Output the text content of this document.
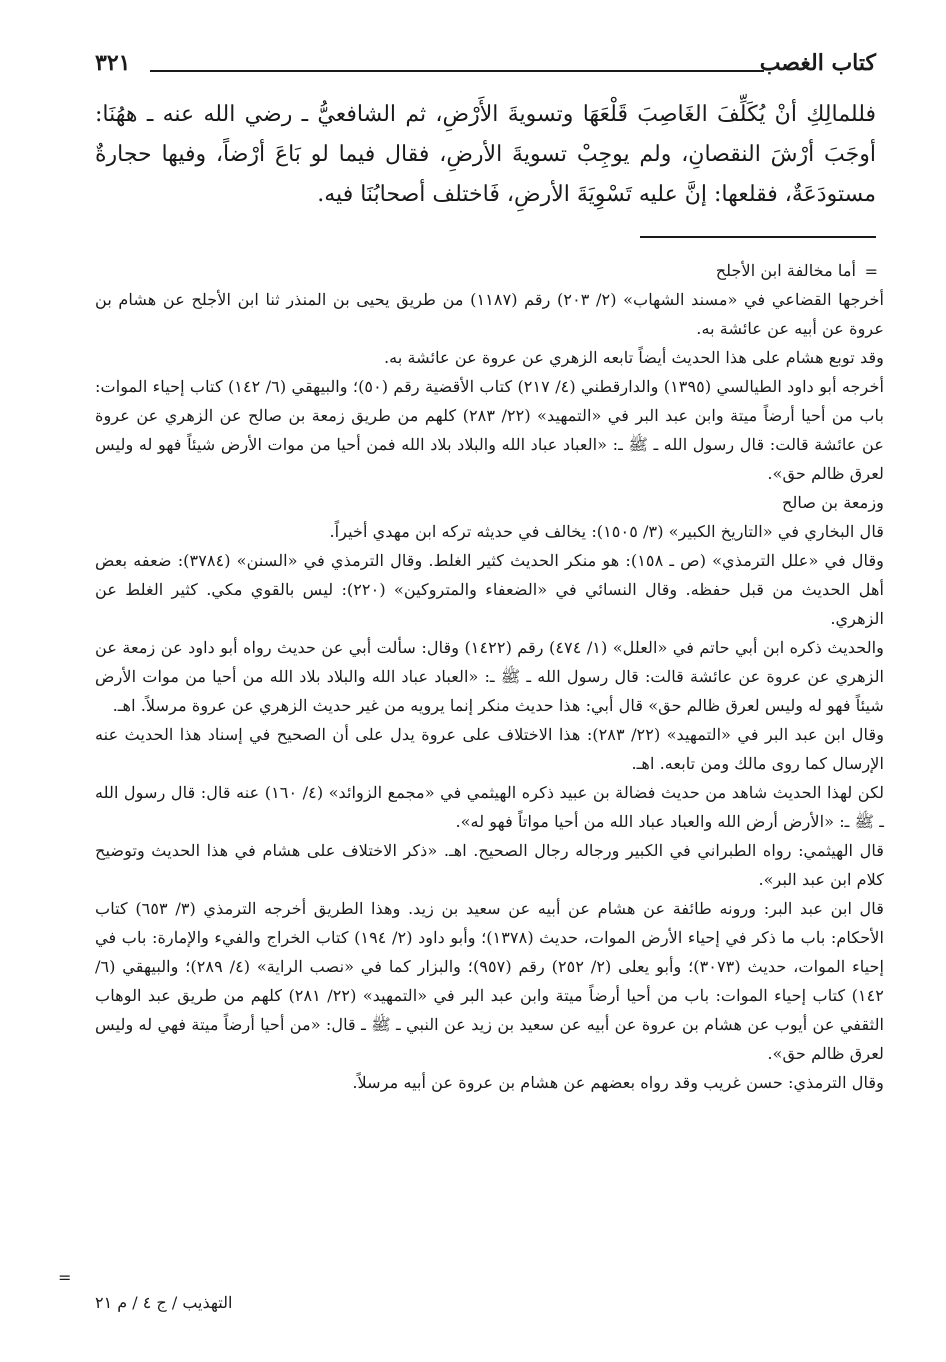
كتاب الغصب
٣٢١

فللمالِكِ أنْ يُكَلِّفَ الغَاصِبَ قَلْعَهَا وتسويةَ الأَرْضِ، ثم الشافعيُّ ـ رضي الله عنه ـ ههُنَا: أوجَبَ أرْشَ النقصانِ، ولم يوجِبْ تسويةَ الأرضِ، فقال فيما لو بَاعَ أرْضاً، وفيها حجارةٌ مستودَعَةٌ، فقلعها: إنَّ عليه تَسْوِيَةَ الأرضِ، فَاختلف أصحابُنَا فيه.

=

أما مخالفة ابن الأجلح

أخرجها القضاعي في «مسند الشهاب» (٢/ ٢٠٣) رقم (١١٨٧) من طريق يحيى بن المنذر ثنا ابن الأجلح عن هشام بن عروة عن أبيه عن عائشة به.

وقد توبع هشام على هذا الحديث أيضاً تابعه الزهري عن عروة عن عائشة به.

أخرجه أبو داود الطيالسي (١٣٩٥) والدارقطني (٤/ ٢١٧) كتاب الأقضية رقم (٥٠)؛ والبيهقي (٦/ ١٤٢) كتاب إحياء الموات: باب من أحيا أرضاً ميتة وابن عبد البر في «التمهيد» (٢٢/ ٢٨٣) كلهم من طريق زمعة بن صالح عن الزهري عن عروة عن عائشة قالت: قال رسول الله ـ ﷺ ـ: «العباد عباد الله والبلاد بلاد الله فمن أحيا من موات الأرض شيئاً فهو له وليس لعرق ظالم حق».

وزمعة بن صالح

قال البخاري في «التاريخ الكبير» (٣/ ١٥٠٥): يخالف في حديثه تركه ابن مهدي أخيراً.

وقال في «علل الترمذي» (ص ـ ١٥٨): هو منكر الحديث كثير الغلط. وقال الترمذي في «السنن» (٣٧٨٤): ضعفه بعض أهل الحديث من قبل حفظه. وقال النسائي في «الضعفاء والمتروكين» (٢٢٠): ليس بالقوي مكي. كثير الغلط عن الزهري.

والحديث ذكره ابن أبي حاتم في «العلل» (١/ ٤٧٤) رقم (١٤٢٢) وقال: سألت أبي عن حديث رواه أبو داود عن زمعة عن الزهري عن عروة عن عائشة قالت: قال رسول الله ـ ﷺ ـ: «العباد عباد الله والبلاد بلاد الله من أحيا من موات الأرض شيئاً فهو له وليس لعرق ظالم حق» قال أبي: هذا حديث منكر إنما يرويه من غير حديث الزهري عن عروة مرسلاً. اهـ.

وقال ابن عبد البر في «التمهيد» (٢٢/ ٢٨٣): هذا الاختلاف على عروة يدل على أن الصحيح في إسناد هذا الحديث عنه الإرسال كما روى مالك ومن تابعه. اهـ.

لكن لهذا الحديث شاهد من حديث فضالة بن عبيد ذكره الهيثمي في «مجمع الزوائد» (٤/ ١٦٠) عنه قال: قال رسول الله ـ ﷺ ـ: «الأرض أرض الله والعباد عباد الله من أحيا مواتاً فهو له».

قال الهيثمي: رواه الطبراني في الكبير ورجاله رجال الصحيح. اهـ. «ذكر الاختلاف على هشام في هذا الحديث وتوضيح كلام ابن عبد البر».

قال ابن عبد البر: ورونه طائفة عن هشام عن أبيه عن سعيد بن زيد. وهذا الطريق أخرجه الترمذي (٣/ ٦٥٣) كتاب الأحكام: باب ما ذكر في إحياء الأرض الموات، حديث (١٣٧٨)؛ وأبو داود (٢/ ١٩٤) كتاب الخراج والفيء والإمارة: باب في إحياء الموات، حديث (٣٠٧٣)؛ وأبو يعلى (٢/ ٢٥٢) رقم (٩٥٧)؛ والبزار كما في «نصب الراية» (٤/ ٢٨٩)؛ والبيهقي (٦/ ١٤٢) كتاب إحياء الموات: باب من أحيا أرضاً ميتة وابن عبد البر في «التمهيد» (٢٢/ ٢٨١) كلهم من طريق عبد الوهاب الثقفي عن أيوب عن هشام بن عروة عن أبيه عن سعيد بن زيد عن النبي ـ ﷺ ـ قال: «من أحيا أرضاً ميتة فهي له وليس لعرق ظالم حق».

وقال الترمذي: حسن غريب وقد رواه بعضهم عن هشام بن عروة عن أبيه مرسلاً.

=
التهذيب / ج ٤ / م ٢١
